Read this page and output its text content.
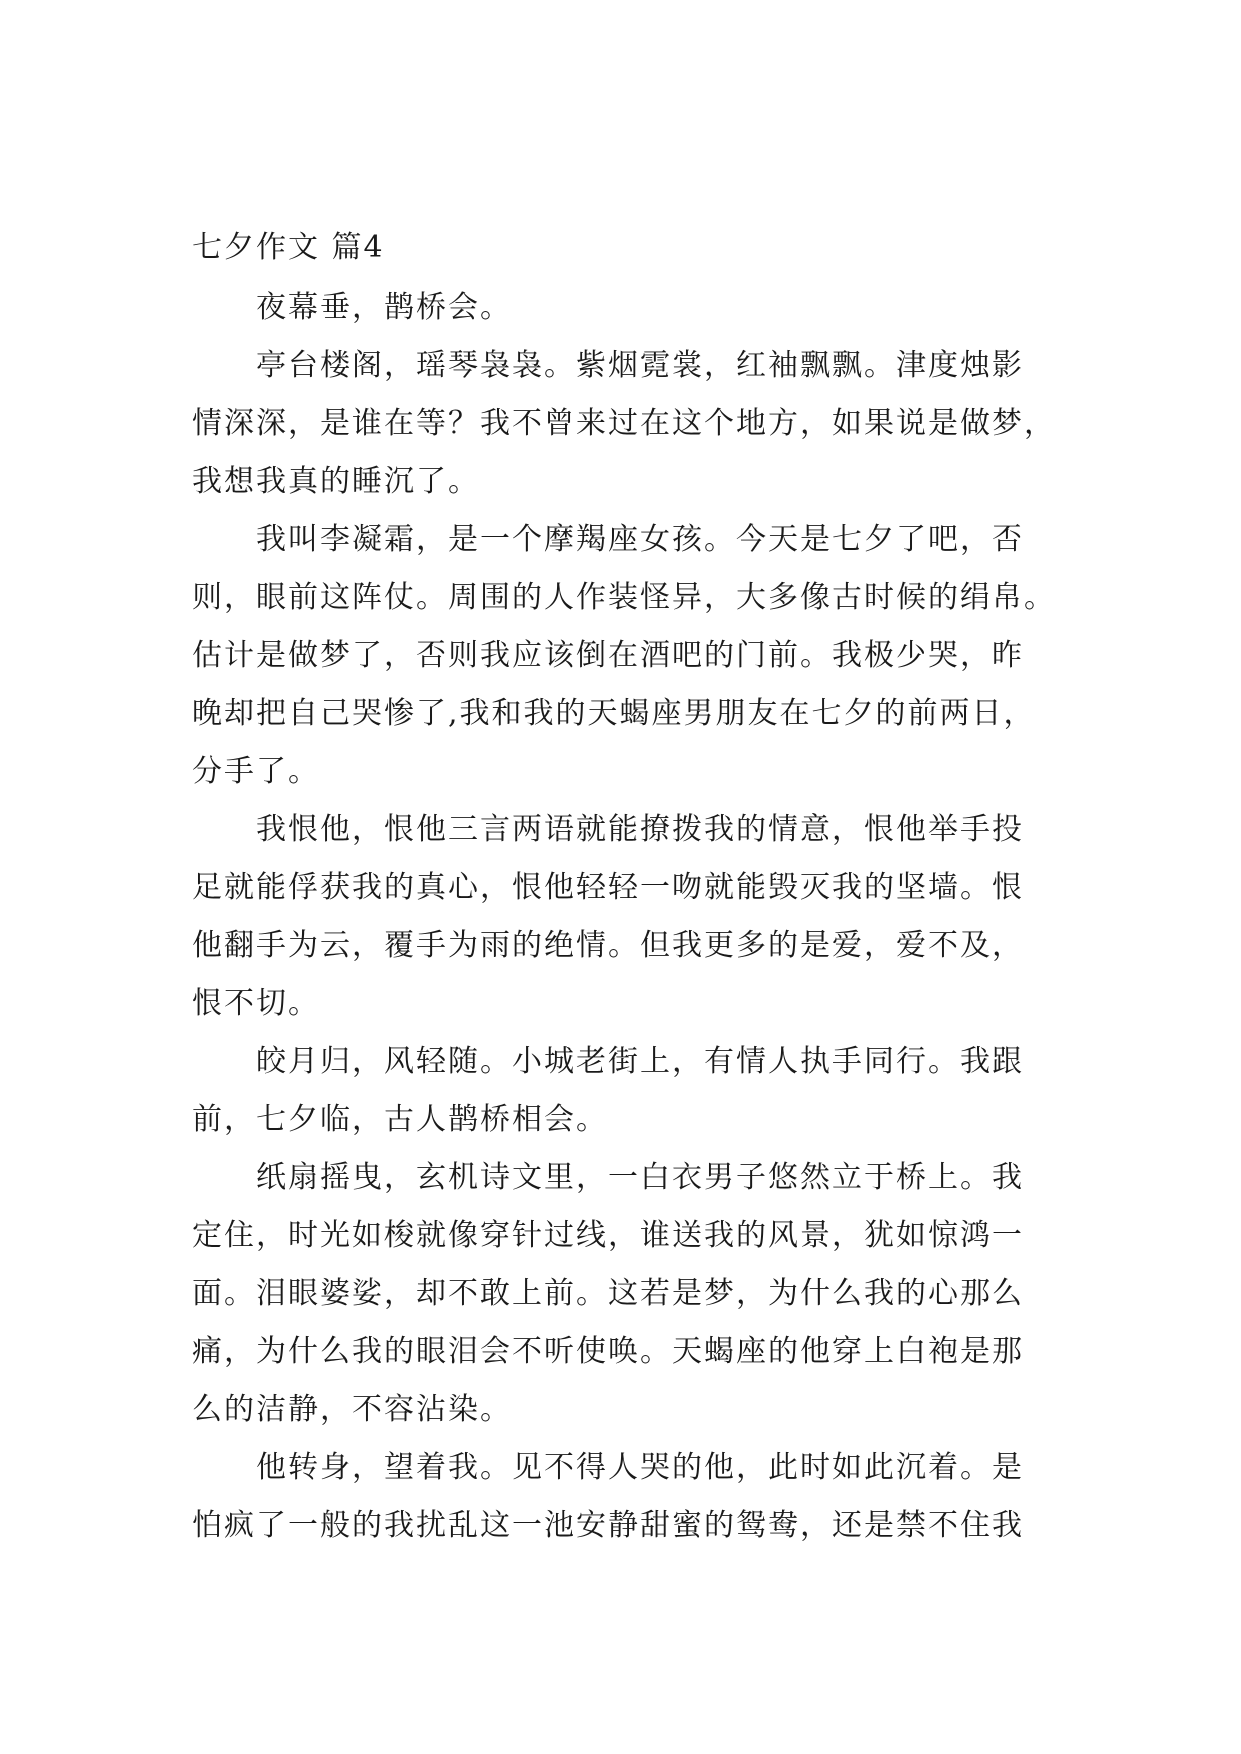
七夕作文 篇4
夜幕垂，鹊桥会。
亭台楼阁，瑶琴袅袅。紫烟霓裳，红袖飘飘。津度烛影
情深深，是谁在等？我不曾来过在这个地方，如果说是做梦，
我想我真的睡沉了。
我叫李凝霜，是一个摩羯座女孩。今天是七夕了吧，否
则，眼前这阵仗。周围的人作装怪异，大多像古时候的绢帛。
估计是做梦了，否则我应该倒在酒吧的门前。我极少哭，昨
晚却把自己哭惨了,我和我的天蝎座男朋友在七夕的前两日，
分手了。
我恨他，恨他三言两语就能撩拨我的情意，恨他举手投
足就能俘获我的真心，恨他轻轻一吻就能毁灭我的坚墙。恨
他翻手为云，覆手为雨的绝情。但我更多的是爱，爱不及，
恨不切。
皎月归，风轻随。小城老街上，有情人执手同行。我跟
前，七夕临，古人鹊桥相会。
纸扇摇曳，玄机诗文里，一白衣男子悠然立于桥上。我
定住，时光如梭就像穿针过线，谁送我的风景，犹如惊鸿一
面。泪眼婆娑，却不敢上前。这若是梦，为什么我的心那么
痛，为什么我的眼泪会不听使唤。天蝎座的他穿上白袍是那
么的洁静，不容沾染。
他转身，望着我。见不得人哭的他，此时如此沉着。是
怕疯了一般的我扰乱这一池安静甜蜜的鸳鸯，还是禁不住我
